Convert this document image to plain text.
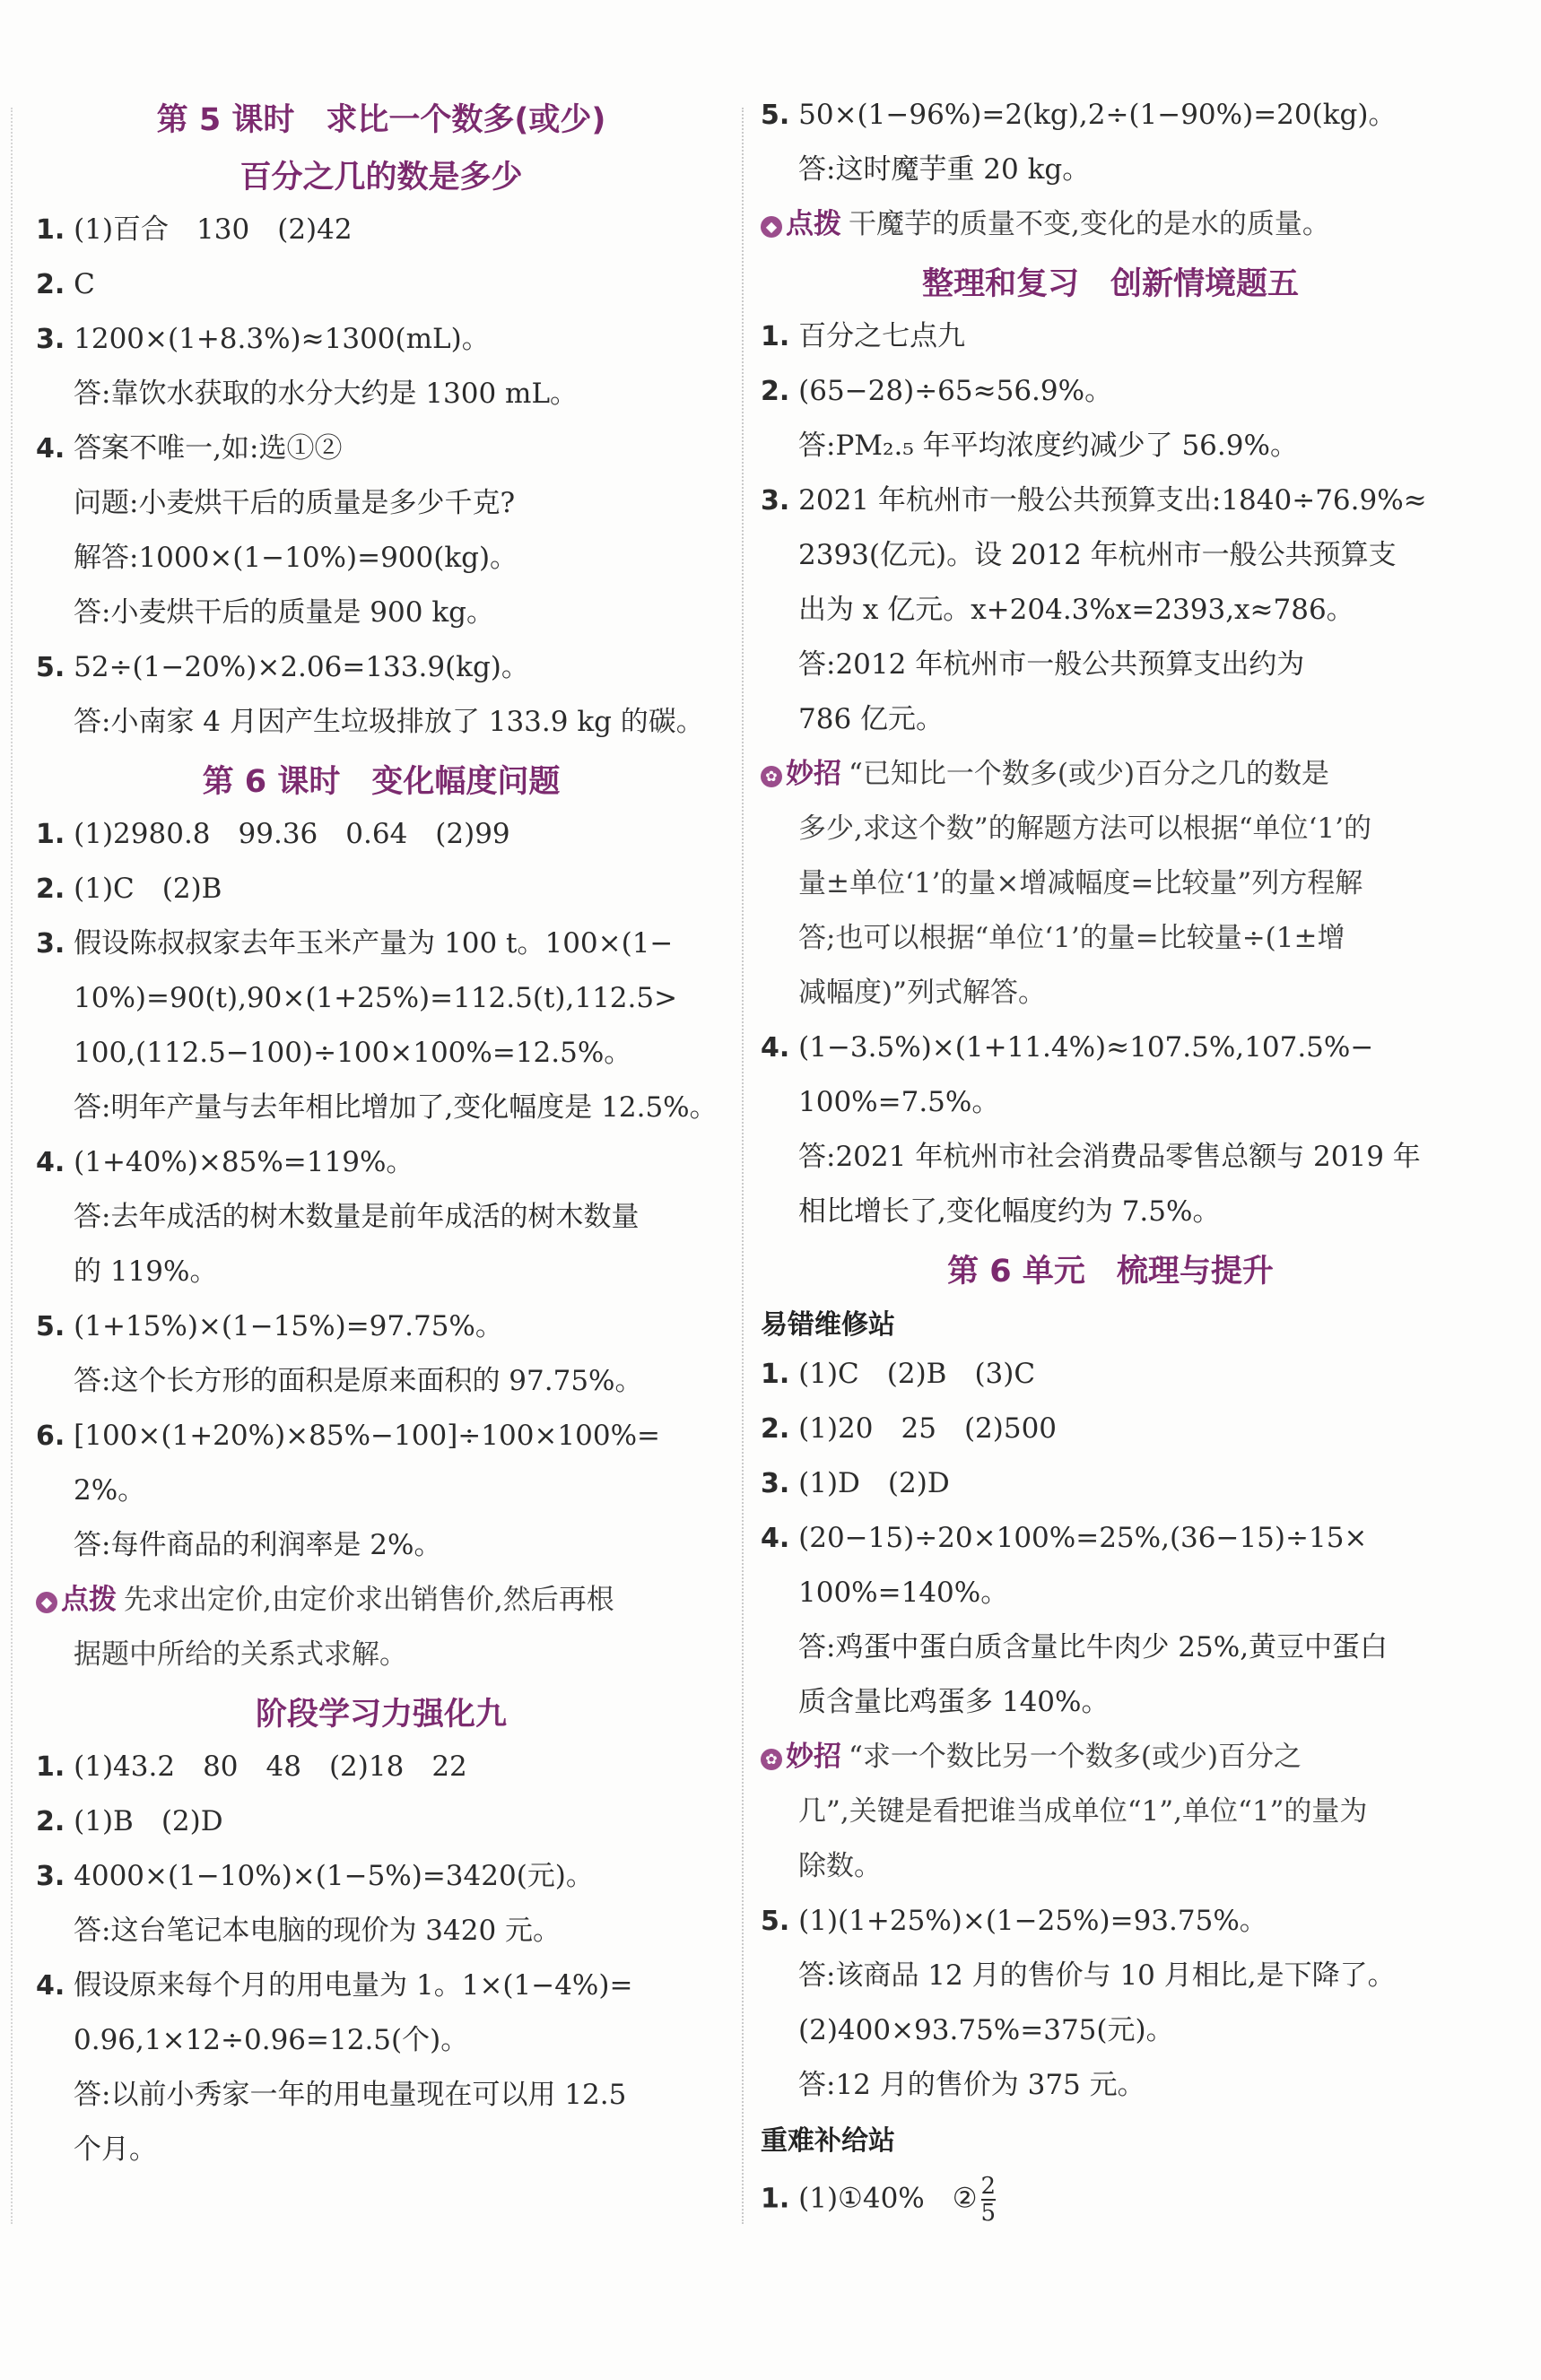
第 5 课时　求比一个数多(或少)
百分之几的数是多少
1. (1)百合　130　(2)42
2. C
3. 1200×(1+8.3%)≈1300(mL)。
答:靠饮水获取的水分大约是 1300 mL。
4. 答案不唯一,如:选①②
问题:小麦烘干后的质量是多少千克?
解答:1000×(1−10%)=900(kg)。
答:小麦烘干后的质量是 900 kg。
5. 52÷(1−20%)×2.06=133.9(kg)。
答:小南家 4 月因产生垃圾排放了 133.9 kg 的碳。
第 6 课时　变化幅度问题
1. (1)2980.8　99.36　0.64　(2)99
2. (1)C　(2)B
3. 假设陈叔叔家去年玉米产量为 100 t。100×(1−
10%)=90(t),90×(1+25%)=112.5(t),112.5>
100,(112.5−100)÷100×100%=12.5%。
答:明年产量与去年相比增加了,变化幅度是 12.5%。
4. (1+40%)×85%=119%。
答:去年成活的树木数量是前年成活的树木数量
的 119%。
5. (1+15%)×(1−15%)=97.75%。
答:这个长方形的面积是原来面积的 97.75%。
6. [100×(1+20%)×85%−100]÷100×100%=
2%。
答:每件商品的利润率是 2%。
◆ 点拨 先求出定价,由定价求出销售价,然后再根
据题中所给的关系式求解。
阶段学习力强化九
1. (1)43.2　80　48　(2)18　22
2. (1)B　(2)D
3. 4000×(1−10%)×(1−5%)=3420(元)。
答:这台笔记本电脑的现价为 3420 元。
4. 假设原来每个月的用电量为 1。1×(1−4%)=
0.96,1×12÷0.96=12.5(个)。
答:以前小秀家一年的用电量现在可以用 12.5
个月。
5. 50×(1−96%)=2(kg),2÷(1−90%)=20(kg)。
答:这时魔芋重 20 kg。
◆ 点拨 干魔芋的质量不变,变化的是水的质量。
整理和复习　创新情境题五
1. 百分之七点九
2. (65−28)÷65≈56.9%。
答:PM₂.₅ 年平均浓度约减少了 56.9%。
3. 2021 年杭州市一般公共预算支出:1840÷76.9%≈
2393(亿元)。设 2012 年杭州市一般公共预算支
出为 x 亿元。x+204.3%x=2393,x≈786。
答:2012 年杭州市一般公共预算支出约为
786 亿元。
✿ 妙招 “已知比一个数多(或少)百分之几的数是
多少,求这个数”的解题方法可以根据“单位‘1’的
量±单位‘1’的量×增减幅度=比较量”列方程解
答;也可以根据“单位‘1’的量=比较量÷(1±增
减幅度)”列式解答。
4. (1−3.5%)×(1+11.4%)≈107.5%,107.5%−
100%=7.5%。
答:2021 年杭州市社会消费品零售总额与 2019 年
相比增长了,变化幅度约为 7.5%。
第 6 单元　梳理与提升
易错维修站
1. (1)C　(2)B　(3)C
2. (1)20　25　(2)500
3. (1)D　(2)D
4. (20−15)÷20×100%=25%,(36−15)÷15×
100%=140%。
答:鸡蛋中蛋白质含量比牛肉少 25%,黄豆中蛋白
质含量比鸡蛋多 140%。
✿ 妙招 “求一个数比另一个数多(或少)百分之
几”,关键是看把谁当成单位“1”,单位“1”的量为
除数。
5. (1)(1+25%)×(1−25%)=93.75%。
答:该商品 12 月的售价与 10 月相比,是下降了。
(2)400×93.75%=375(元)。
答:12 月的售价为 375 元。
重难补给站
1. (1)①40%　② $\frac{2}{5}$
